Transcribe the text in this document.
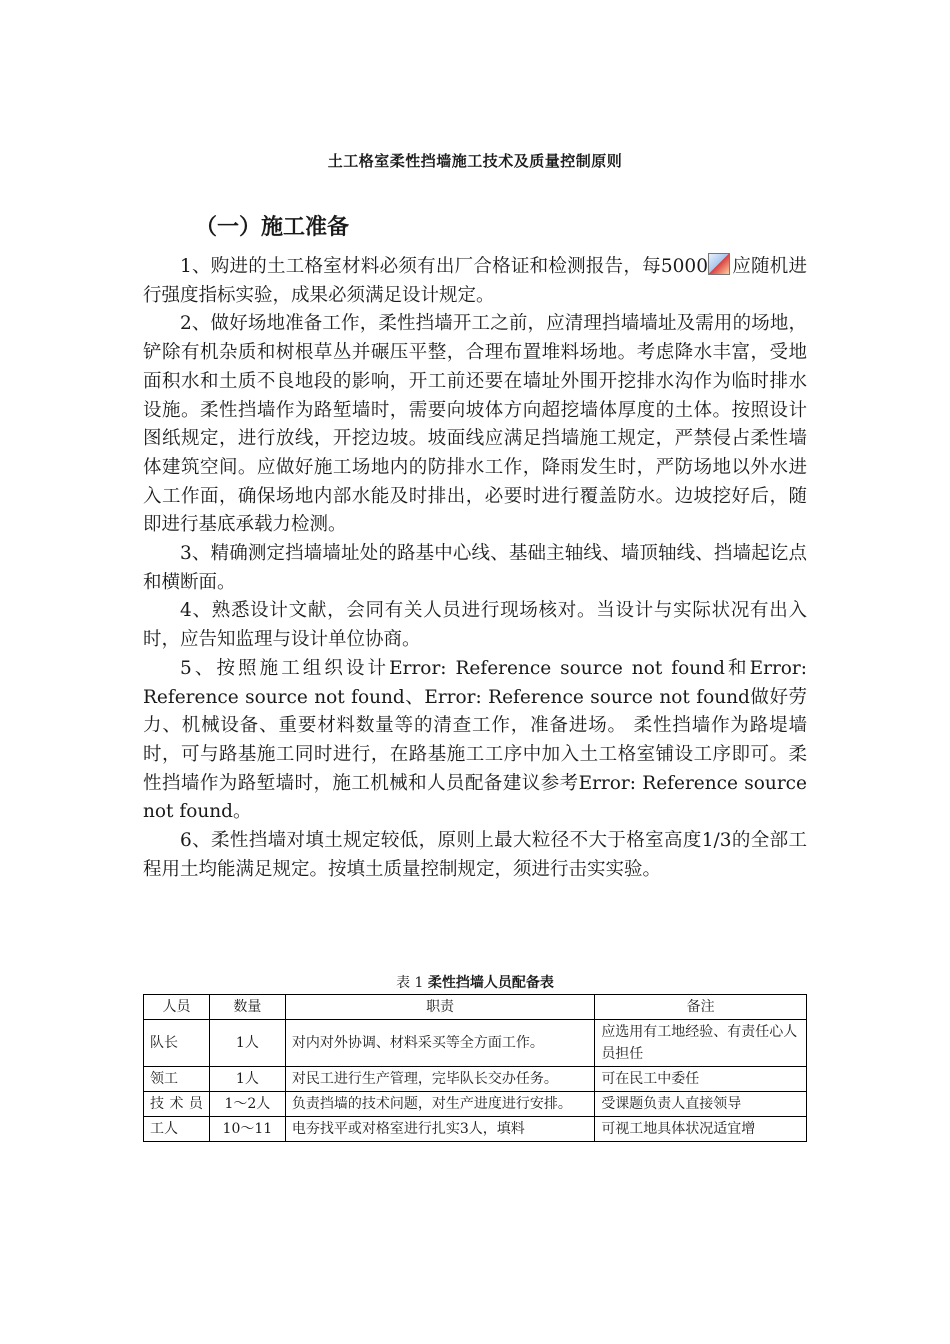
土工格室柔性挡墙施工技术及质量控制原则
（一）施工准备

1、购进的土工格室材料必须有出厂合格证和检测报告，每5000 应随机进行强度指标实验，成果必须满足设计规定。

2、做好场地准备工作，柔性挡墙开工之前，应清理挡墙墙址及需用的场地，铲除有机杂质和树根草丛并碾压平整，合理布置堆料场地。考虑降水丰富，受地面积水和土质不良地段的影响，开工前还要在墙址外围开挖排水沟作为临时排水设施。柔性挡墙作为路堑墙时，需要向坡体方向超挖墙体厚度的土体。按照设计图纸规定，进行放线，开挖边坡。坡面线应满足挡墙施工规定，严禁侵占柔性墙体建筑空间。应做好施工场地内的防排水工作，降雨发生时，严防场地以外水进入工作面，确保场地内部水能及时排出，必要时进行覆盖防水。边坡挖好后，随即进行基底承载力检测。

3、精确测定挡墙墙址处的路基中心线、基础主轴线、墙顶轴线、挡墙起讫点和横断面。

4、熟悉设计文献，会同有关人员进行现场核对。当设计与实际状况有出入时，应告知监理与设计单位协商。

5、按照施工组织设计Error: Reference source not found和Error: Reference source not found、Error: Reference source not found做好劳力、机械设备、重要材料数量等的清查工作，准备进场。 柔性挡墙作为路堤墙时，可与路基施工同时进行，在路基施工工序中加入土工格室铺设工序即可。柔性挡墙作为路堑墙时，施工机械和人员配备建议参考Error: Reference source not found。

6、柔性挡墙对填土规定较低，原则上最大粒径不大于格室高度1/3的全部工程用土均能满足规定。按填土质量控制规定，须进行击实实验。

表 1 柔性挡墙人员配备表
人员	数量	职责	备注
队长	1人	对内对外协调、材料采买等全方面工作。	应选用有工地经验、有责任心人员担任
领工	1人	对民工进行生产管理，完毕队长交办任务。	可在民工中委任
技术员	1～2人	负责挡墙的技术问题，对生产进度进行安排。	受课题负责人直接领导
工人	10～11	电夯找平或对格室进行扎实3人，填料	可视工地具体状况适宜增
